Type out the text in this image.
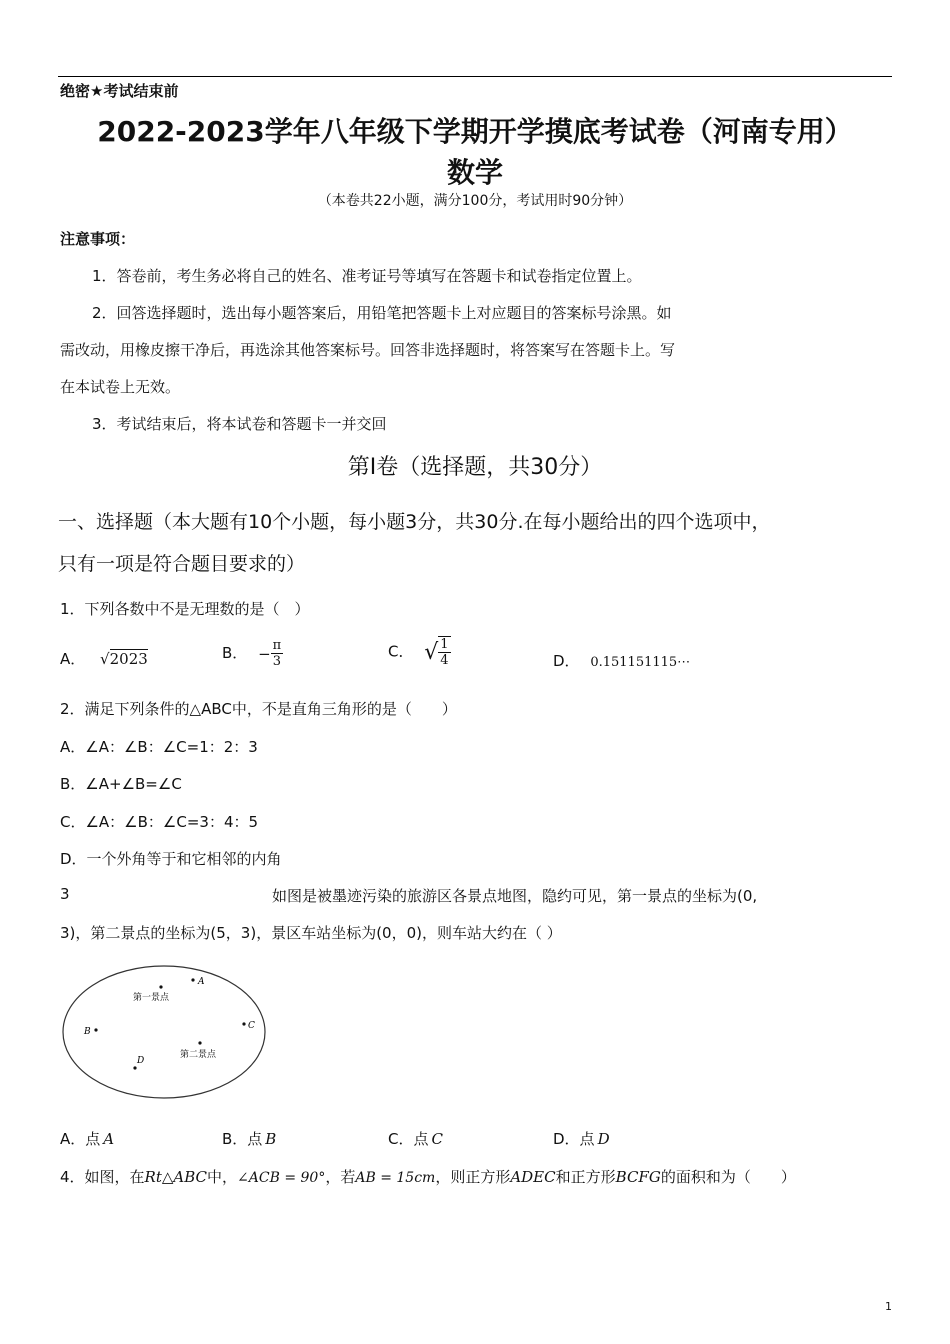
绝密★考试结束前
2022-2023学年八年级下学期开学摸底考试卷（河南专用）
数学
（本卷共22小题，满分100分，考试用时90分钟）
注意事项：
1．答卷前，考生务必将自己的姓名、准考证号等填写在答题卡和试卷指定位置上。
2．回答选择题时，选出每小题答案后，用铅笔把答题卡上对应题目的答案标号涂黑。如
需改动，用橡皮擦干净后，再选涂其他答案标号。回答非选择题时，将答案写在答题卡上。写
在本试卷上无效。
3．考试结束后，将本试卷和答题卡一并交回
第Ⅰ卷（选择题，共30分）
一、选择题（本大题有10个小题，每小题3分，共30分.在每小题给出的四个选项中，
只有一项是符合题目要求的）
1．下列各数中不是无理数的是（　）
A． √2023	B． − $\frac{\pi}{3}$	C． √ $\frac{1}{4}$	D． 0.151151115⋯
2．满足下列条件的△ABC中，不是直角三角形的是（　　）
A．∠A：∠B：∠C=1：2：3
B．∠A+∠B=∠C
C．∠A：∠B：∠C=3：4：5
D．一个外角等于和它相邻的内角
3	如图是被墨迹污染的旅游区各景点地图，隐约可见，第一景点的坐标为(0,
3)，第二景点的坐标为(5，3)，景区车站坐标为(0，0)，则车站大约在（ ）
第一景点
A
B
C
第二景点
D
A．点 A	B．点 B	C．点 C	D．点 D
4．如图，在Rt△ABC中，∠ACB = 90°，若AB = 15cm，则正方形ADEC和正方形BCFG的面积和为（　　）
1
